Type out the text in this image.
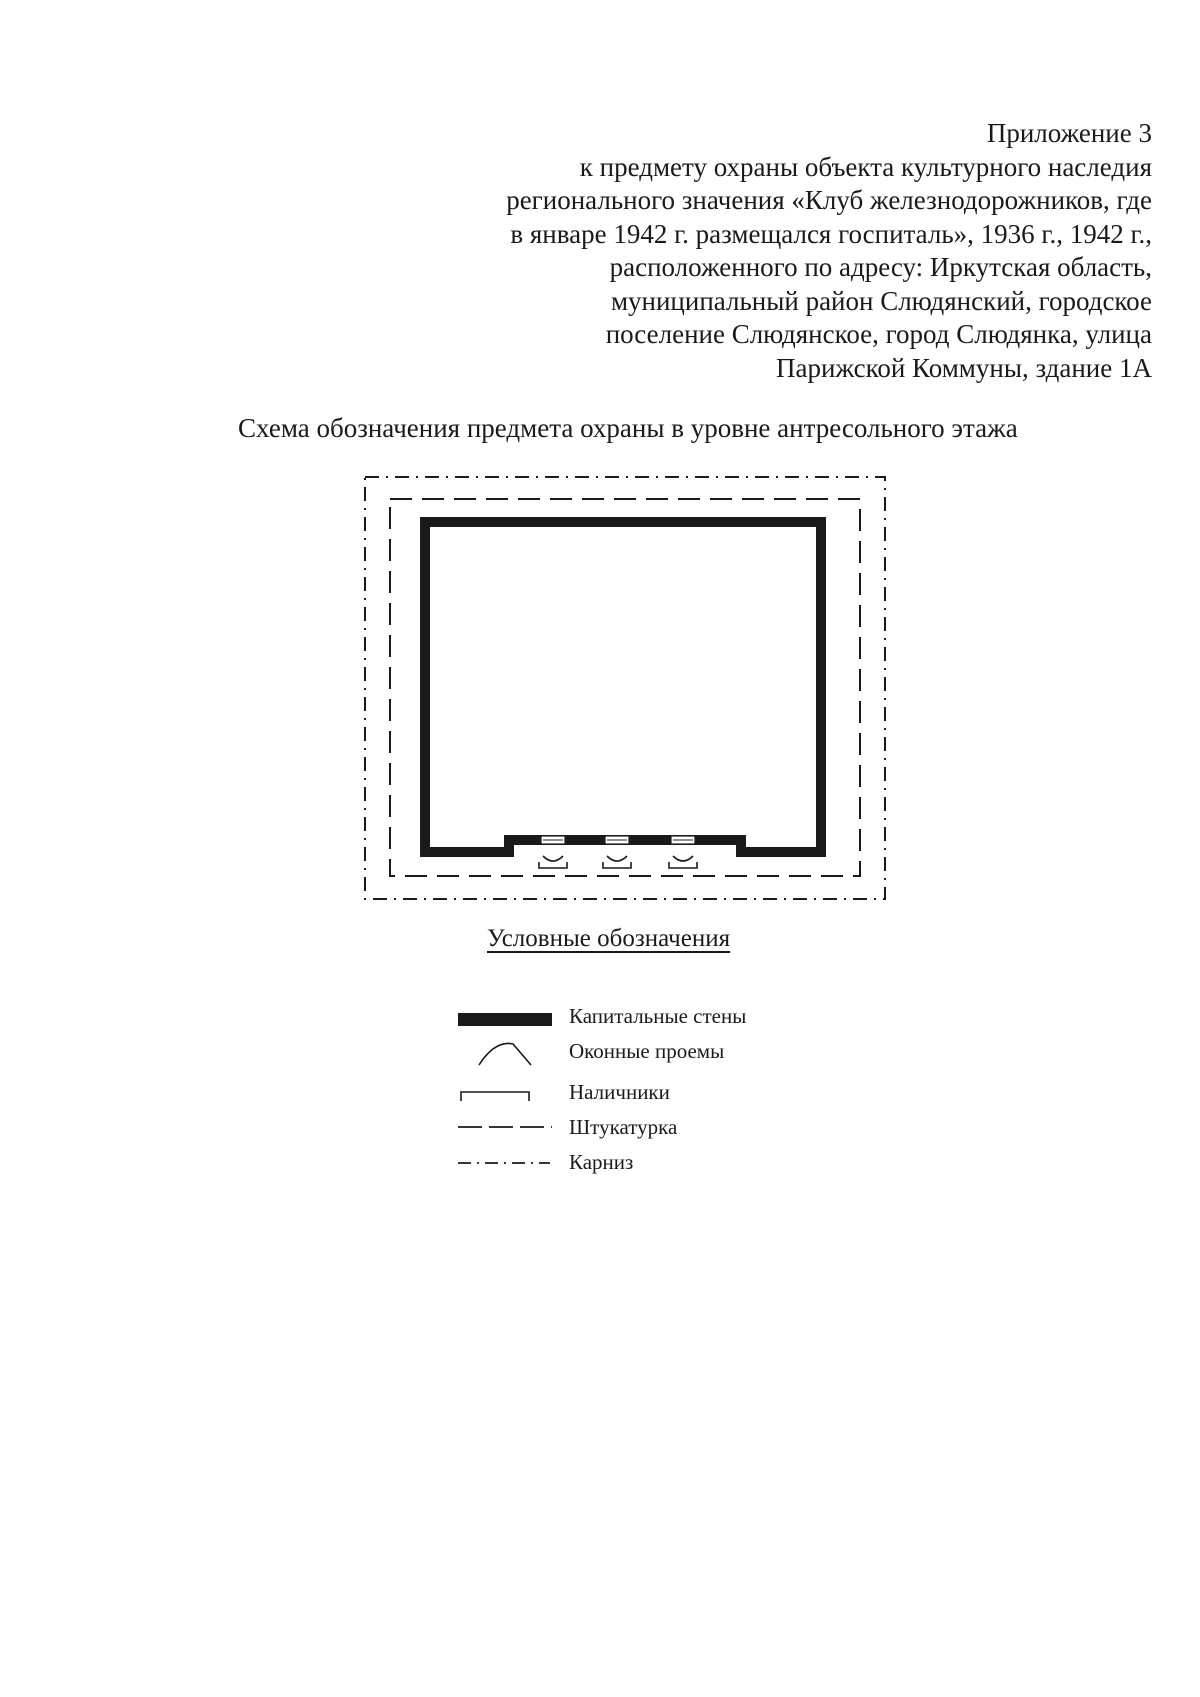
Приложение 3
к предмету охраны объекта культурного наследия
регионального значения «Клуб железнодорожников, где
в январе 1942 г. размещался госпиталь», 1936 г., 1942 г.,
расположенного по адресу: Иркутская область,
муниципальный район Слюдянский, городское
поселение Слюдянское, город Слюдянка, улица
Парижской Коммуны, здание 1А
Схема обозначения предмета охраны в уровне антресольного этажа
Условные обозначения
Капитальные стены
Оконные проемы
Наличники
Штукатурка
Карниз
